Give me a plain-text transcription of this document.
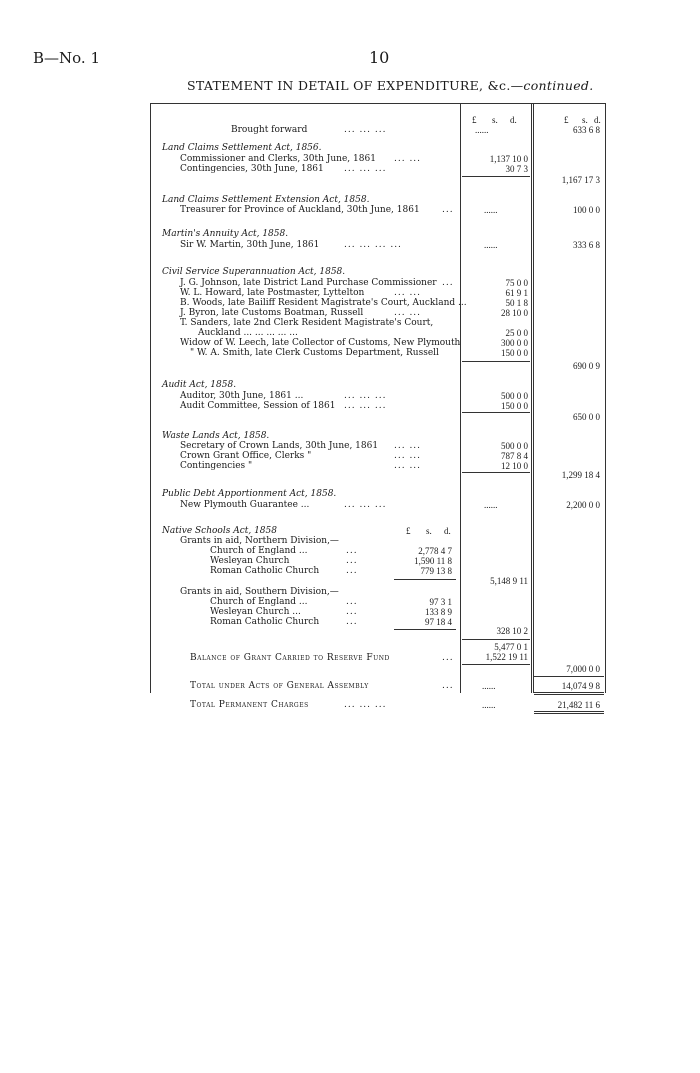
B—No. 1	10
STATEMENT IN DETAIL OF EXPENDITURE, &c.—continued.
£ s. d.	£ s. d.
Brought forward	... ... ...	......	633 6 8
Land Claims Settlement Act, 1856.
Commissioner and Clerks, 30th June, 1861 ... ...	1,137 10 0
Contingencies, 30th June, 1861 ... ... ...	30 7 3
1,167 17 3
Land Claims Settlement Extension Act, 1858.
Treasurer for Province of Auckland, 30th June, 1861 ...	......	100 0 0
Martin's Annuity Act, 1858.
Sir W. Martin, 30th June, 1861	... ... ... ...	......	333 6 8
Civil Service Superannuation Act, 1858.
J. G. Johnson, late District Land Purchase Commissioner ...	75 0 0
W. L. Howard, late Postmaster, Lyttelton	... ...	61 9 1
B. Woods, late Bailiff Resident Magistrate's Court, Auckland ...	50 1 8
J. Byron, late Customs Boatman, Russell	... ...	28 10 0
T. Sanders, late 2nd Clerk Resident Magistrate's Court,
Auckland ... ... ... ... ...	25 0 0
Widow of W. Leech, late Collector of Customs, New Plymouth	300 0 0
" W. A. Smith, late Clerk Customs Department, Russell	150 0 0
690 0 9
Audit Act, 1858.
Auditor, 30th June, 1861 ...	... ... ...	500 0 0
Audit Committee, Session of 1861 ... ... ...	150 0 0
650 0 0
Waste Lands Act, 1858.
Secretary of Crown Lands, 30th June, 1861 ... ...	500 0 0
Crown Grant Office, Clerks "	... ...	787 8 4
Contingencies "	... ...	12 10 0
1,299 18 4
Public Debt Apportionment Act, 1858.
New Plymouth Guarantee ...	... ... ...	......	2,200 0 0
Native Schools Act, 1858
Grants in aid, Northern Division,—
£ s. d.
Church of England ...	...	2,778 4 7
Wesleyan Church	...	1,590 11 8
Roman Catholic Church	...	779 13 8
5,148 9 11
Grants in aid, Southern Division,—
Church of England ...	...	97 3 1
Wesleyan Church ...	...	133 8 9
Roman Catholic Church	...	97 18 4
328 10 2
5,477 0 1
Balance of Grant Carried to Reserve Fund	...	1,522 19 11
7,000 0 0
Total under Acts of General Assembly	...	......	14,074 9 8
Total Permanent Charges	... ... ...	......	21,482 11 6
